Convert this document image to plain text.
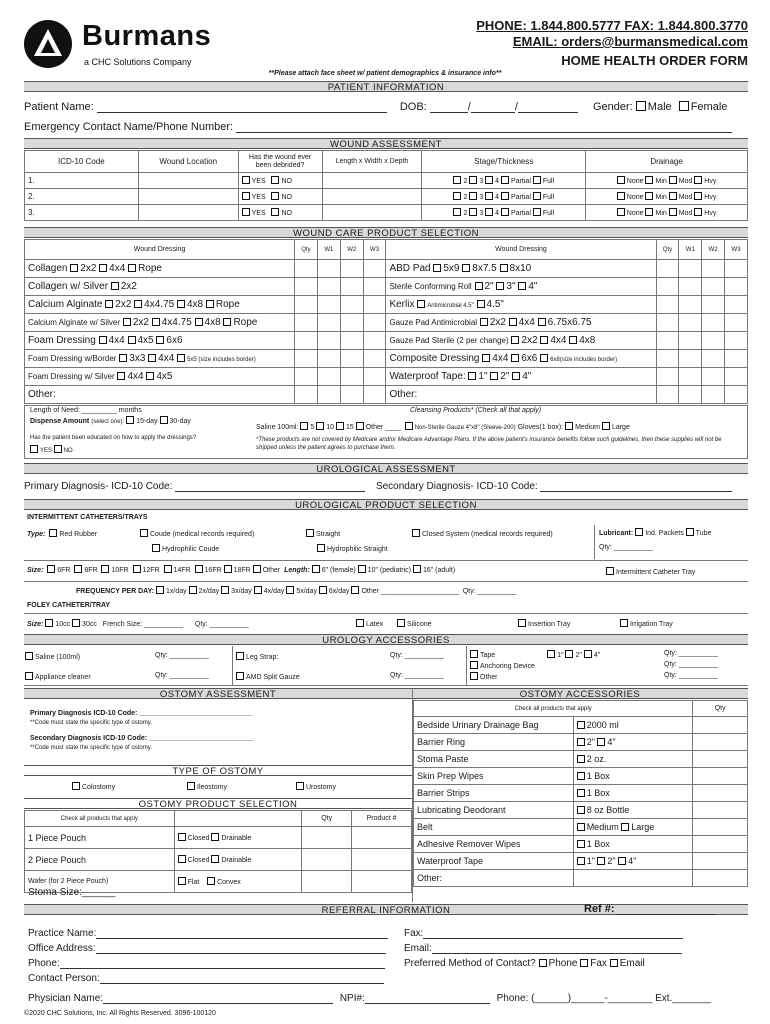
Burmans
a CHC Solutions Company
PHONE: 1.844.800.5777 FAX: 1.844.800.3770
EMAIL: orders@burmansmedical.com
HOME HEALTH ORDER FORM
**Please attach face sheet w/ patient demographics & insurance info**
PATIENT INFORMATION
Patient Name:	DOB:	/	/	Gender: Male Female
Emergency Contact Name/Phone Number:
WOUND ASSESSMENT
ICD-10 Code	Wound Location	Has the wound ever been debrided?	Length x Width x Depth	Stage/Thickness	Drainage
1.		YES NO		2 3 4 Partial Full	None Min Mod Hvy
2.		YES NO		2 3 4 Partial Full	None Min Mod Hvy
3.		YES NO		2 3 4 Partial Full	None Min Mod Hvy
WOUND CARE PRODUCT SELECTION
Wound Dressing	Qty	W1	W2	W3	Wound Dressing	Qty	W1	W2	W3
Collagen 2x2 4x4 Rope					ABD Pad 5x9 8x7.5 8x10				
Collagen w/ Silver 2x2					Sterile Conforming Roll 2" 3" 4"				
Calcium Alginate 2x2 4x4.75 4x8 Rope					Kerlix Antimicrobial 4.5" 4.5"				
Calcium Alginate w/ Silver 2x2 4x4.75 4x8 Rope					Gauze Pad Antimicrobial 2x2 4x4 6.75x6.75				
Foam Dressing 4x4 4x5 6x6					Gauze Pad Sterile (2 per change) 2x2 4x4 4x8				
Foam Dressing w/Border 3x3 4x4 5x5 (size includes border)					Composite Dressing 4x4 6x6 6x8(size includes border)				
Foam Dressing w/ Silver 4x4 4x5					Waterproof Tape: 1" 2" 4"				
Other:					Other:				
Length of Need: _________ months
Dispense Amount (select one): 15-day 30-day
Has the patient been educated on how to apply the dressings?
YES NO
Cleansing Products* (Check all that apply)
Saline 100ml: 5 10 15 Other ____ Non-Sterile Gauze 4"x8" (Sleeve-200) Gloves(1 box): Medium Large
*These products are not covered by Medicare and/or Medicare Advantage Plans. If the above patient's insurance benefits follow such guidelines, then these supplies will not be shipped unless the patient agrees to purchase them.
UROLOGICAL ASSESSMENT
Primary Diagnosis- ICD-10 Code:	Secondary Diagnosis- ICD-10 Code:
UROLOGICAL PRODUCT SELECTION
INTERMITTENT CATHETERS/TRAYS
Type: Red Rubber	Coude (medical records required)	Straight	Closed System (medical records required)
Hydrophilic Coude	Hydrophilic Straight
Lubricant: Ind. Packets Tube
Qty: __________
Size: 6FR 8FR 10FR 12FR 14FR 16FR 18FR Other Length: 6" (female) 10" (pediatric) 16" (adult)	Intermittent Catheter Tray
FREQUENCY PER DAY: 1x/day 2x/day 3x/day 4x/day 5x/day 6x/day Other ____________________ Qty: __________
FOLEY CATHETER/TRAY
Size: 10cc 30cc French Size: __________ Qty: __________	Latex	Silicone	Insertion Tray	Irrigation Tray
UROLOGY ACCESSORIES
Saline (100ml)	Qty: __________
Appliance cleaner	Qty: __________
Leg Strap:	Qty: __________
AMD Split Gauze	Qty: __________
Tape	1" 2" 4"
Anchoring Device
Other
Qty: __________
Qty: __________
Qty: __________
OSTOMY ASSESSMENT	OSTOMY ACCESSORIES
Primary Diagnosis ICD-10 Code: _____________________________
**Code must state the specific type of ostomy.
Secondary Diagnosis ICD-10 Code: ___________________________
**Code must state the specific type of ostomy.
TYPE OF OSTOMY
Colostomy	Ileostomy	Urostomy
OSTOMY PRODUCT SELECTION
Check all products that apply		Qty	Product #
1 Piece Pouch	Closed Drainable		
2 Piece Pouch	Closed Drainable		
Wafer (for 2 Piece Pouch)	Flat Convex		
Stoma Size:______
Check all products that apply		Qty
Bedside Urinary Drainage Bag	2000 ml	
Barrier Ring	2" 4"	
Stoma Paste	2 oz.	
Skin Prep Wipes	1 Box	
Barrier Strips	1 Box	
Lubricating Deodorant	8 oz Bottle	
Belt	Medium Large	
Adhesive Remover Wipes	1 Box	
Waterproof Tape	1" 2" 4"	
Other:		
REFERRAL INFORMATION	Ref #:
Practice Name:
Office Address:
Phone:
Contact Person:
Fax:
Email:
Preferred Method of Contact? Phone Fax Email
Physician Name:	NPI#:	Phone: (______)______-________ Ext._______
©2020 CHC Solutions, Inc. All Rights Reserved. 3096-100120
